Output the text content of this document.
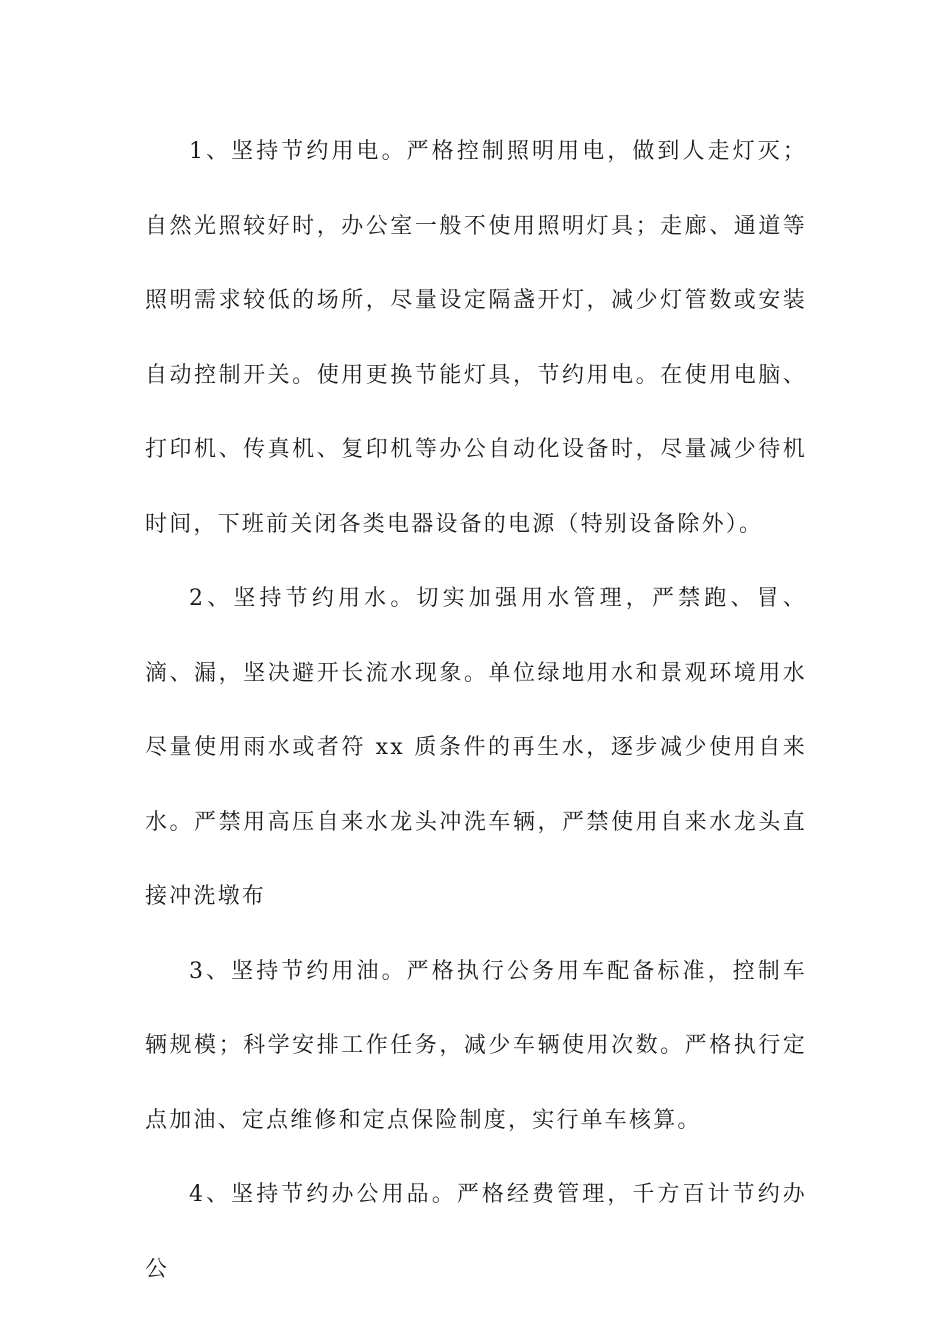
1、坚持节约用电。严格控制照明用电，做到人走灯灭；自然光照较好时，办公室一般不使用照明灯具；走廊、通道等照明需求较低的场所，尽量设定隔盏开灯，减少灯管数或安装自动控制开关。使用更换节能灯具，节约用电。在使用电脑、打印机、传真机、复印机等办公自动化设备时，尽量减少待机时间，下班前关闭各类电器设备的电源（特别设备除外）。

2、坚持节约用水。切实加强用水管理，严禁跑、冒、滴、漏，坚决避开长流水现象。单位绿地用水和景观环境用水尽量使用雨水或者符 xx 质条件的再生水，逐步减少使用自来水。严禁用高压自来水龙头冲洗车辆，严禁使用自来水龙头直接冲洗墩布

3、坚持节约用油。严格执行公务用车配备标准，控制车辆规模；科学安排工作任务，减少车辆使用次数。严格执行定点加油、定点维修和定点保险制度，实行单车核算。

4、坚持节约办公用品。严格经费管理，千方百计节约办公
